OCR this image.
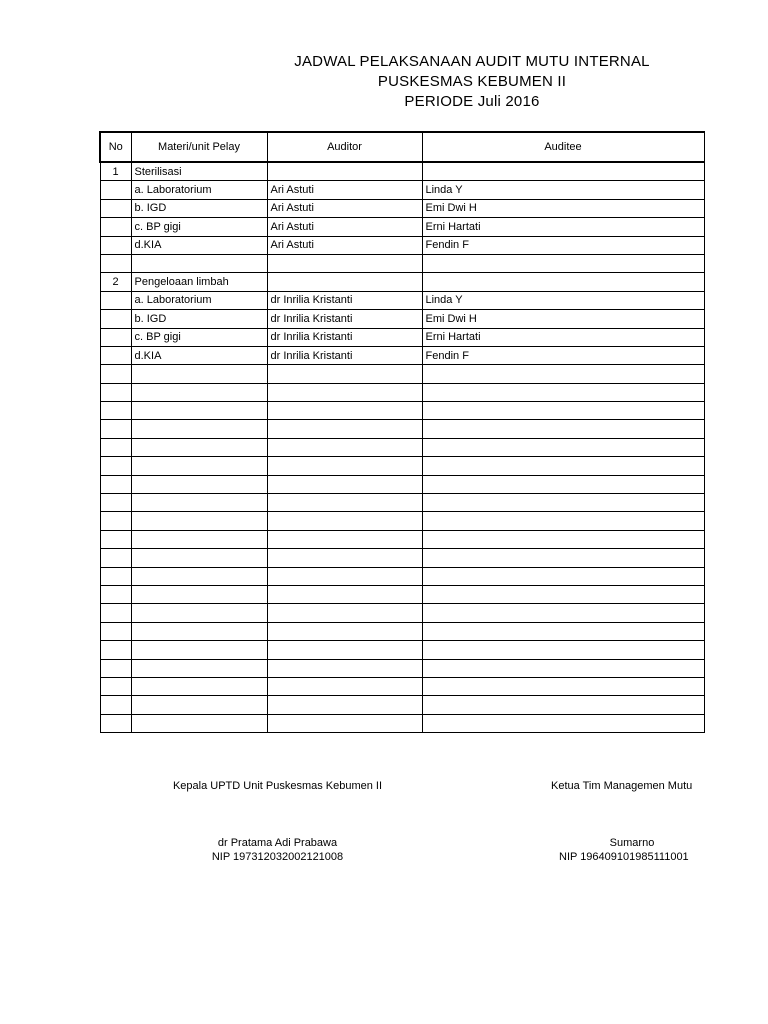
JADWAL PELAKSANAAN AUDIT MUTU INTERNAL
PUSKESMAS KEBUMEN II
PERIODE Juli 2016
No	Materi/unit Pelay	Auditor	Auditee
1	Sterilisasi		
	a. Laboratorium	Ari Astuti	Linda Y
	b. IGD	Ari Astuti	Emi Dwi H
	c. BP gigi	Ari Astuti	Erni Hartati
	d.KIA	Ari Astuti	Fendin F

2	Pengeloaan limbah		
	a. Laboratorium	dr Inrilia Kristanti	Linda Y
	b. IGD	dr Inrilia Kristanti	Emi Dwi H
	c. BP gigi	dr Inrilia Kristanti	Erni Hartati
	d.KIA	dr Inrilia Kristanti	Fendin F

Kepala UPTD Unit Puskesmas Kebumen II
dr Pratama Adi Prabawa
NIP 197312032002121008
Ketua Tim Managemen Mutu
Sumarno
NIP 196409101985111001
